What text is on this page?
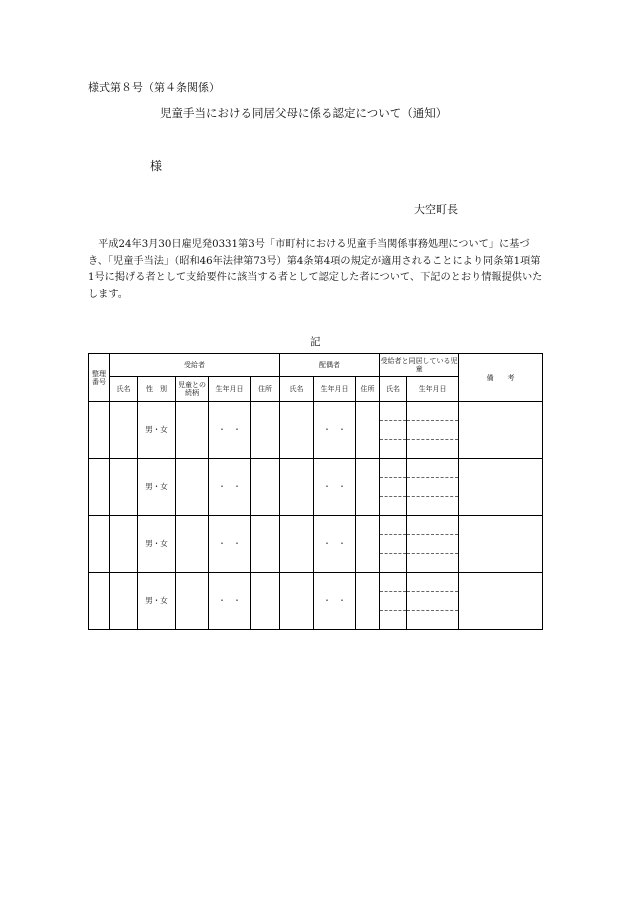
様式第８号（第４条関係）
児童手当における同居父母に係る認定について（通知）
様
大空町長

　平成24年3月30日雇児発0331第3号「市町村における児童手当関係事務処理について」に基づき、「児童手当法」（昭和46年法律第73号）第4条第4項の規定が適用されることにより同条第1項第1号に掲げる者として支給要件に該当する者として認定した者について、下記のとおり情報提供いたします。

記
整理番号	受給者					配偶者			受給者と同居している児童		備　　考
	氏名	性　別	児童との続柄	生年月日	住所	氏名	生年月日	住所	氏名	生年月日	
		男・女		・　・			・　・				

		男・女		・　・			・　・				

		男・女		・　・			・　・				

		男・女		・　・			・　・				
